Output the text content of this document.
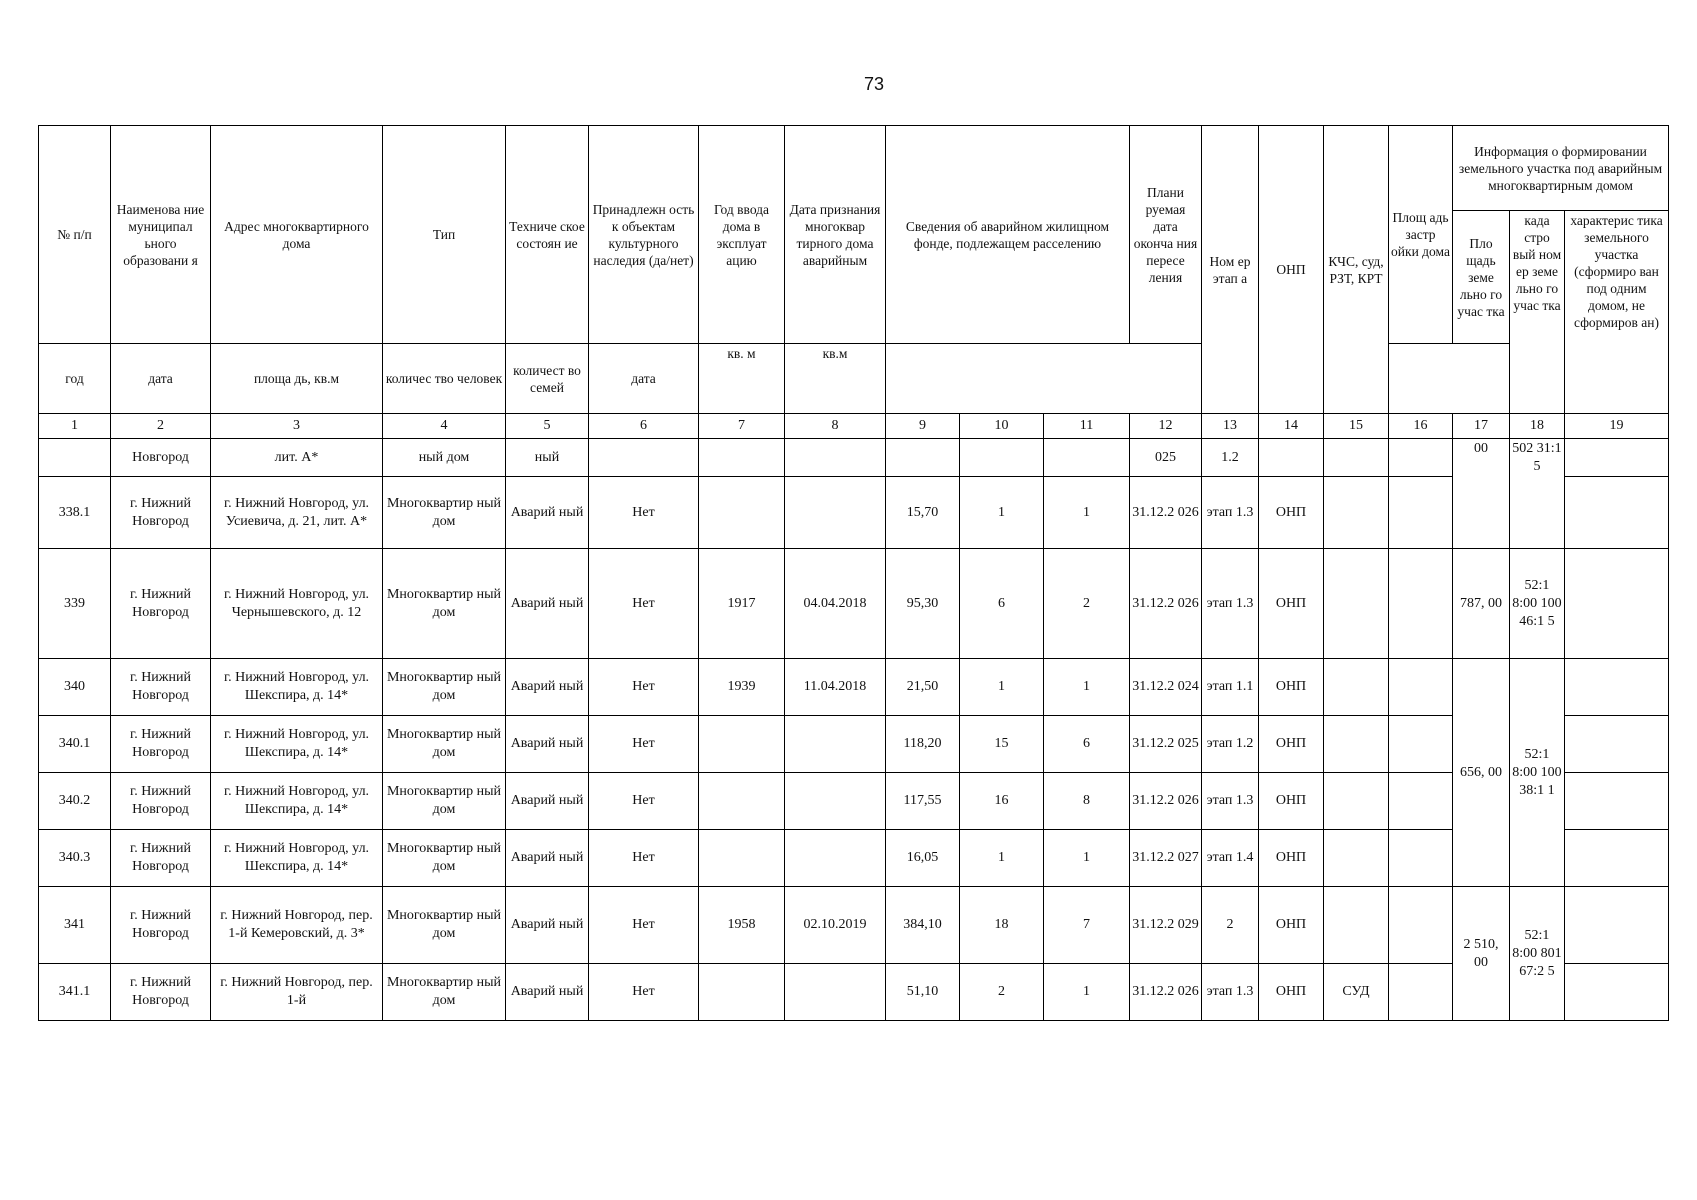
73
№ п/п	Наименова ние муниципал ьного образовани я	Адрес многоквартирного дома	Тип	Техниче ское состоян ие	Принадлежн ость к объектам культурного наследия (да/нет)	Год ввода дома в эксплуат ацию	Дата признания многоквар тирного дома аварийным	Сведения об аварийном жилищном фонде, подлежащем расселению			Плани руемая дата оконча ния пересе ления	Ном ер этап а	ОНП	КЧС, суд, РЗТ, КРТ	Площ адь застр ойки дома	Информация о формировании земельного участка под аварийным многоквартирным домом		
																Пло щадь земе льно го учас тка	када стро вый ном ер земе льно го учас тка	характерис тика земельного участка (сформиро ван под одним домом, не сформиров ан)
год	дата	площа дь, кв.м	количес тво человек	количест во семей	дата	кв. м	кв.м											
1	2	3	4	5	6	7	8	9	10	11	12	13	14	15	16	17	18	19
	Новгород	лит. А*	ный дом	ный							025	1.2				00	502 31:1 5	
338.1	г. Нижний Новгород	г. Нижний Новгород, ул. Усиевича, д. 21, лит. А*	Многоквартир ный дом	Аварий ный	Нет			15,70	1	1	31.12.2 026	этап 1.3	ОНП					
339	г. Нижний Новгород	г. Нижний Новгород, ул. Чернышевского, д. 12	Многоквартир ный дом	Аварий ный	Нет	1917	04.04.2018	95,30	6	2	31.12.2 026	этап 1.3	ОНП			787, 00	52:1 8:00 100 46:1 5	
340	г. Нижний Новгород	г. Нижний Новгород, ул. Шекспира, д. 14*	Многоквартир ный дом	Аварий ный	Нет	1939	11.04.2018	21,50	1	1	31.12.2 024	этап 1.1	ОНП			656, 00	52:1 8:00 100 38:1 1	
340.1	г. Нижний Новгород	г. Нижний Новгород, ул. Шекспира, д. 14*	Многоквартир ный дом	Аварий ный	Нет			118,20	15	6	31.12.2 025	этап 1.2	ОНП					
340.2	г. Нижний Новгород	г. Нижний Новгород, ул. Шекспира, д. 14*	Многоквартир ный дом	Аварий ный	Нет			117,55	16	8	31.12.2 026	этап 1.3	ОНП					
340.3	г. Нижний Новгород	г. Нижний Новгород, ул. Шекспира, д. 14*	Многоквартир ный дом	Аварий ный	Нет			16,05	1	1	31.12.2 027	этап 1.4	ОНП					
341	г. Нижний Новгород	г. Нижний Новгород, пер. 1-й Кемеровский, д. 3*	Многоквартир ный дом	Аварий ный	Нет	1958	02.10.2019	384,10	18	7	31.12.2 029	2	ОНП			2 510, 00	52:1 8:00 801 67:2 5	
341.1	г. Нижний Новгород	г. Нижний Новгород, пер. 1-й	Многоквартир ный дом	Аварий ный	Нет			51,10	2	1	31.12.2 026	этап 1.3	ОНП	СУД				
